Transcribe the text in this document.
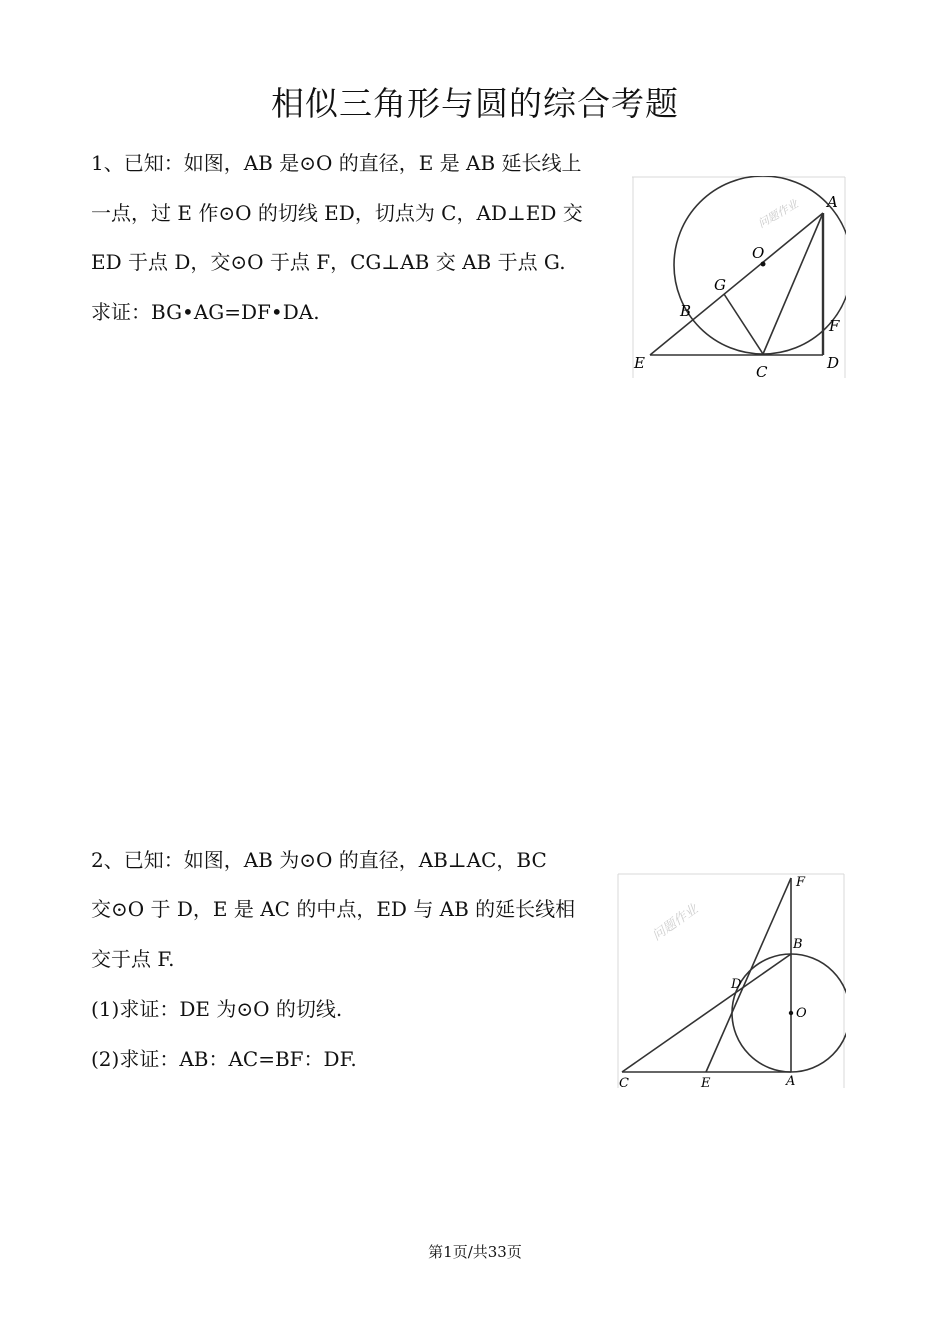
相似三角形与圆的综合考题
1、已知：如图，AB 是⊙O 的直径，E 是 AB 延长线上
一点，过 E 作⊙O 的切线 ED，切点为 C，AD⊥ED 交
ED 于点 D，交⊙O 于点 F，CG⊥AB 交 AB 于点 G.
求证：BG•AG=DF•DA.
问题作业 A
O
G
B
F
E	C	D
2、已知：如图，AB 为⊙O 的直径，AB⊥AC，BC
交⊙O 于 D，E 是 AC 的中点，ED 与 AB 的延长线相
交于点 F.
(1)求证：DE 为⊙O 的切线.
(2)求证：AB：AC=BF：DF.
问题作业
F
B
D
O
C	E	A
第1页/共33页
